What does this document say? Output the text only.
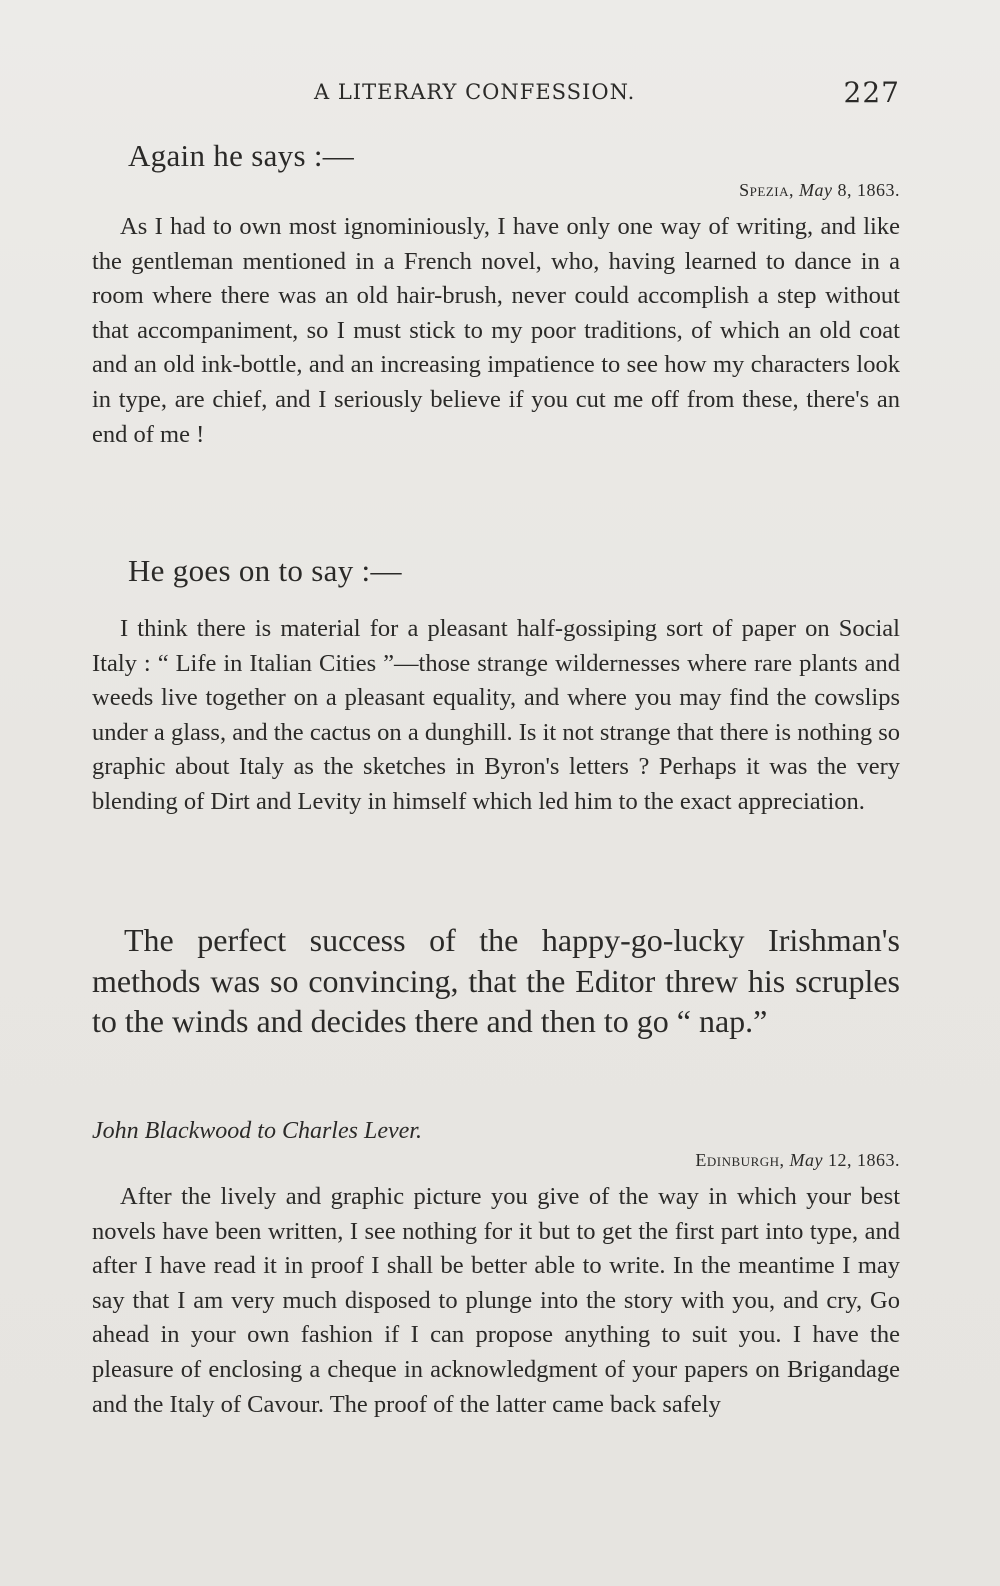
A LITERARY CONFESSION.	227
Again he says :—
Spezia, May 8, 1863.

As I had to own most ignominiously, I have only one way of writing, and like the gentleman mentioned in a French novel, who, having learned to dance in a room where there was an old hair-brush, never could accomplish a step without that accompaniment, so I must stick to my poor traditions, of which an old coat and an old ink-bottle, and an increasing impatience to see how my characters look in type, are chief, and I seriously believe if you cut me off from these, there's an end of me !

He goes on to say :—

I think there is material for a pleasant half-gossiping sort of paper on Social Italy : “ Life in Italian Cities ”—those strange wildernesses where rare plants and weeds live together on a pleasant equality, and where you may find the cowslips under a glass, and the cactus on a dunghill. Is it not strange that there is nothing so graphic about Italy as the sketches in Byron's letters ? Perhaps it was the very blending of Dirt and Levity in himself which led him to the exact appreciation.

The perfect success of the happy-go-lucky Irishman's methods was so convincing, that the Editor threw his scruples to the winds and decides there and then to go “ nap.”

John Blackwood to Charles Lever.
Edinburgh, May 12, 1863.

After the lively and graphic picture you give of the way in which your best novels have been written, I see nothing for it but to get the first part into type, and after I have read it in proof I shall be better able to write. In the meantime I may say that I am very much disposed to plunge into the story with you, and cry, Go ahead in your own fashion if I can propose anything to suit you. I have the pleasure of enclosing a cheque in acknowledgment of your papers on Brigandage and the Italy of Cavour. The proof of the latter came back safely
